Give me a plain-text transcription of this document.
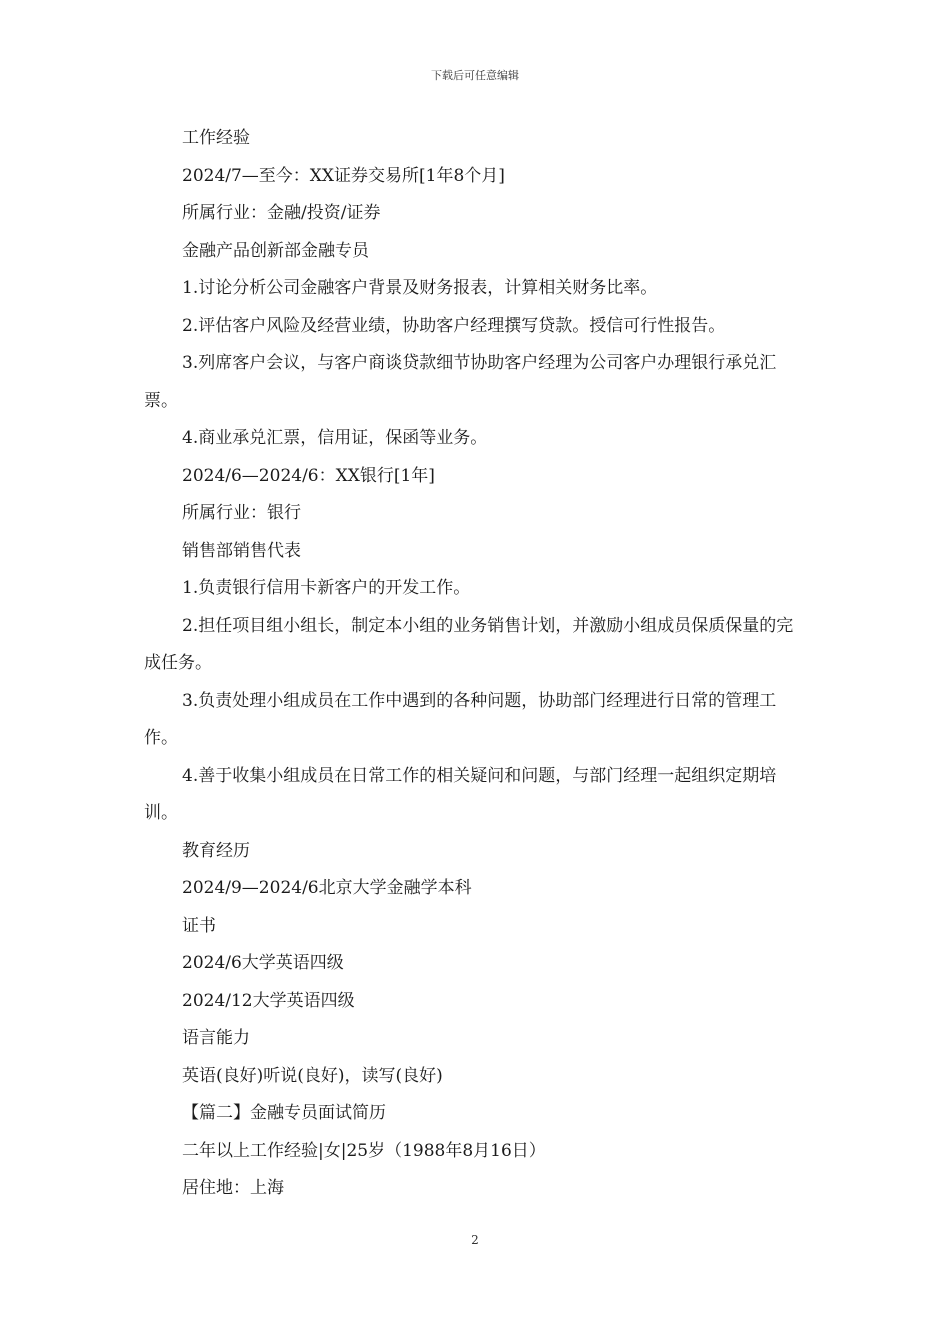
下载后可任意编辑

工作经验

2024/7—至今：XX证券交易所[1年8个月]

所属行业：金融/投资/证券

金融产品创新部金融专员

1.讨论分析公司金融客户背景及财务报表，计算相关财务比率。

2.评估客户风险及经营业绩，协助客户经理撰写贷款。授信可行性报告。

3.列席客户会议，与客户商谈贷款细节协助客户经理为公司客户办理银行承兑汇票。

4.商业承兑汇票，信用证，保函等业务。

2024/6—2024/6：XX银行[1年]

所属行业：银行

销售部销售代表

1.负责银行信用卡新客户的开发工作。

2.担任项目组小组长，制定本小组的业务销售计划，并激励小组成员保质保量的完成任务。

3.负责处理小组成员在工作中遇到的各种问题，协助部门经理进行日常的管理工作。

4.善于收集小组成员在日常工作的相关疑问和问题，与部门经理一起组织定期培训。

教育经历

2024/9—2024/6北京大学金融学本科

证书

2024/6大学英语四级

2024/12大学英语四级

语言能力

英语(良好)听说(良好)，读写(良好)

【篇二】金融专员面试简历

二年以上工作经验|女|25岁（1988年8月16日）

居住地：上海

2
